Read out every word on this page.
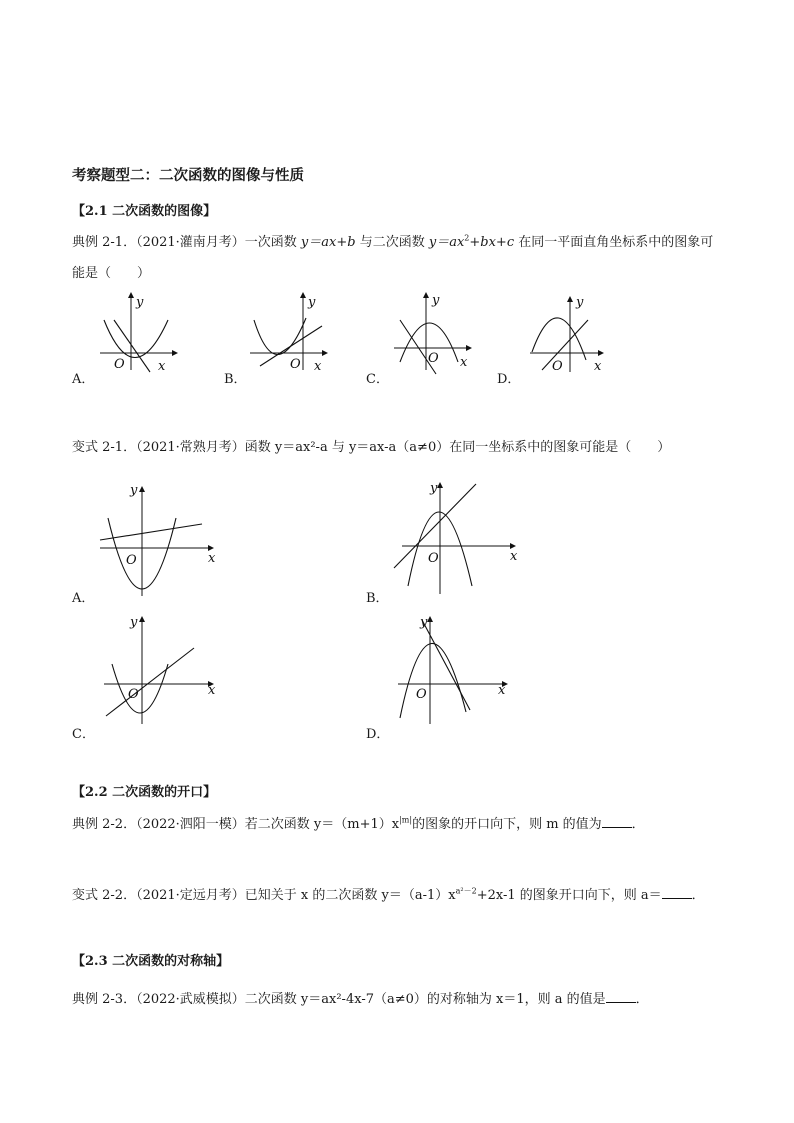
考察题型二：二次函数的图像与性质
【2.1 二次函数的图像】
典例 2-1．（2021·灌南月考）一次函数 y＝ax+b 与二次函数 $y=ax^2+bx+c$ 在同一平面直角坐标系中的图象可
能是（　　）
y
x
O
A．
y
x
O
B．
y
x
O
C．
y
x
O
D．
变式 2-1．（2021·常熟月考）函数 y＝ax²-a 与 y＝ax-a（a≠0）在同一坐标系中的图象可能是（　　）
y
x
O
A．
y
x
O
B．
y
x
O
C．
y
x
O
D．
【2.2 二次函数的开口】
典例 2-2．（2022·泗阳一模）若二次函数 $y=(m+1)x^{|m|}$的图象的开口向下，则 m 的值为 ．
变式 2-2．（2021·定远月考）已知关于 x 的二次函数 $y=(a-1)x^{a^2-2}+2x-1$ 的图象开口向下，则 a＝ ．
【2.3 二次函数的对称轴】
典例 2-3．（2022·武威模拟）二次函数 y＝ax²-4x-7（a≠0）的对称轴为 x＝1，则 a 的值是 ．
